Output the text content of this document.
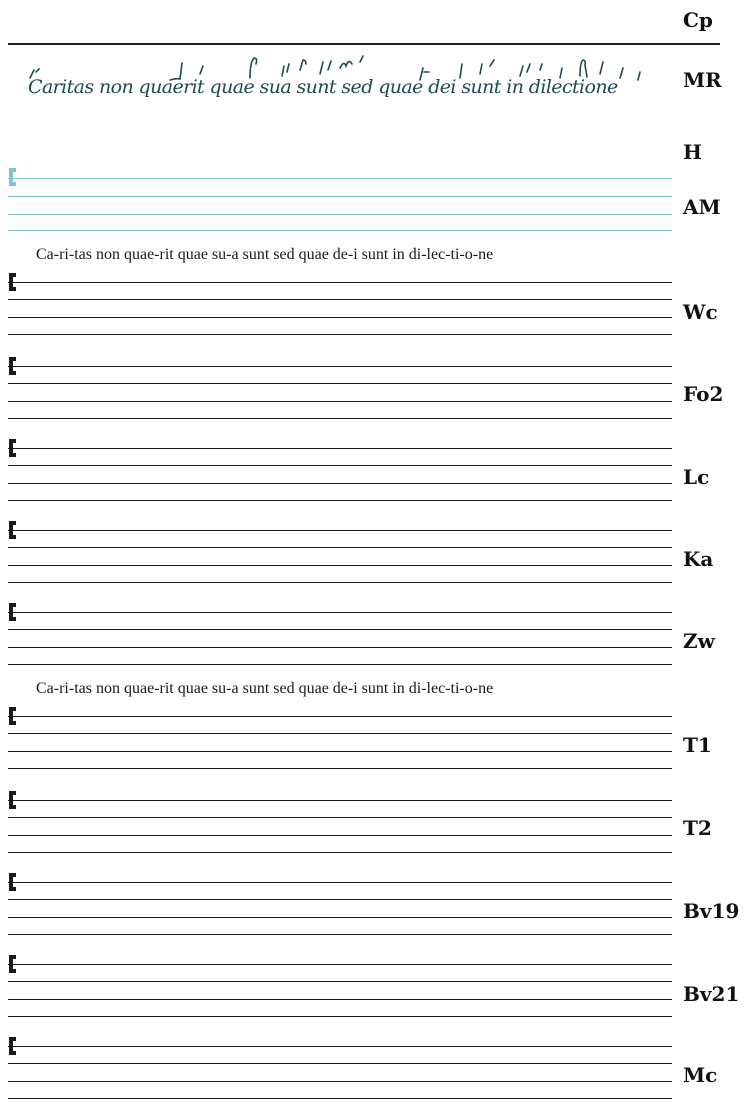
Cp
Caritas non quaerit quae sua sunt sed quae dei sunt in dilectione	MR
H
AM
Ca-ri-tas non quae-rit quae su-a sunt sed quae de-i sunt in di-lec-ti-o-ne
Wc
Fo2
Lc
Ka
Zw
Ca-ri-tas non quae-rit quae su-a sunt sed quae de-i sunt in di-lec-ti-o-ne
T1
T2
Bv19
Bv21
Mc
